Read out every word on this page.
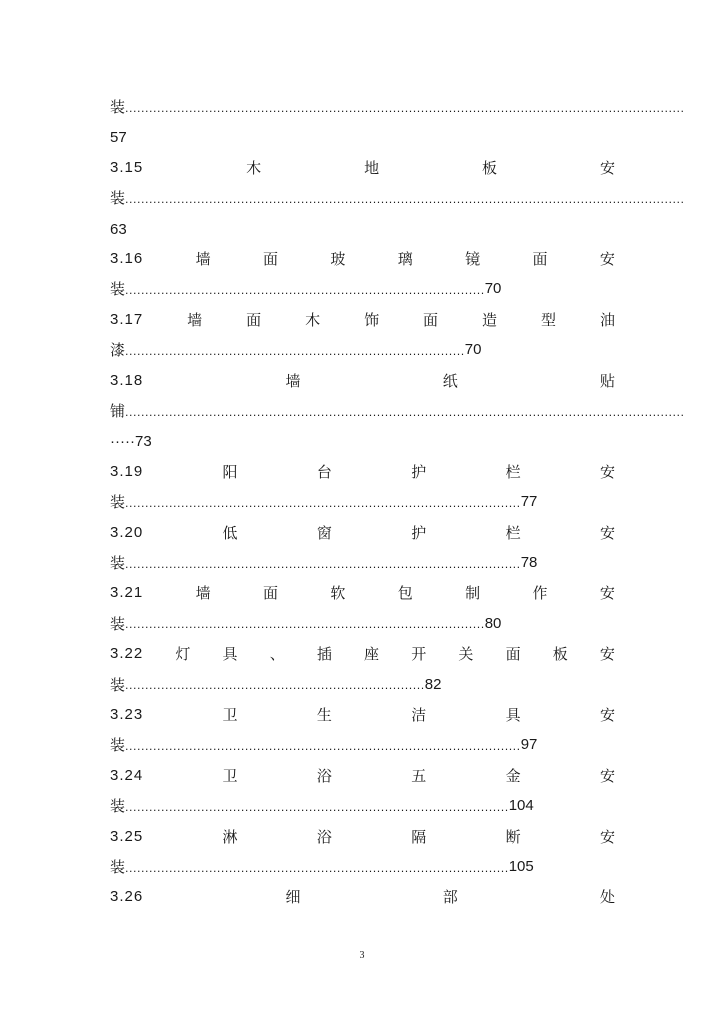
装 ............................................................................................................................................
57
3.15	木	地	板	安
装 ............................................................................................................................................
63
3.16	墙	面	玻	璃	镜	面	安
装 .......................................................................................... 70
3.17	墙	面	木	饰	面	造	型	油
漆 ..................................................................................... 70
3.18	墙	纸	贴
铺 ............................................................................................................................................
·····73
3.19	阳	台	护	栏	安
装 ................................................................................................... 77
3.20	低	窗	护	栏	安
装 ................................................................................................... 78
3.21	墙	面	软	包	制	作	安
装 .......................................................................................... 80
3.22 灯 具 、 插 座 开 关 面 板 安
装 ........................................................................... 82
3.23	卫	生	洁	具	安
装 ................................................................................................... 97
3.24	卫	浴	五	金	安
装 ................................................................................................ 104
3.25	淋	浴	隔	断	安
装 ................................................................................................ 105
3.26	细	部	处
3
